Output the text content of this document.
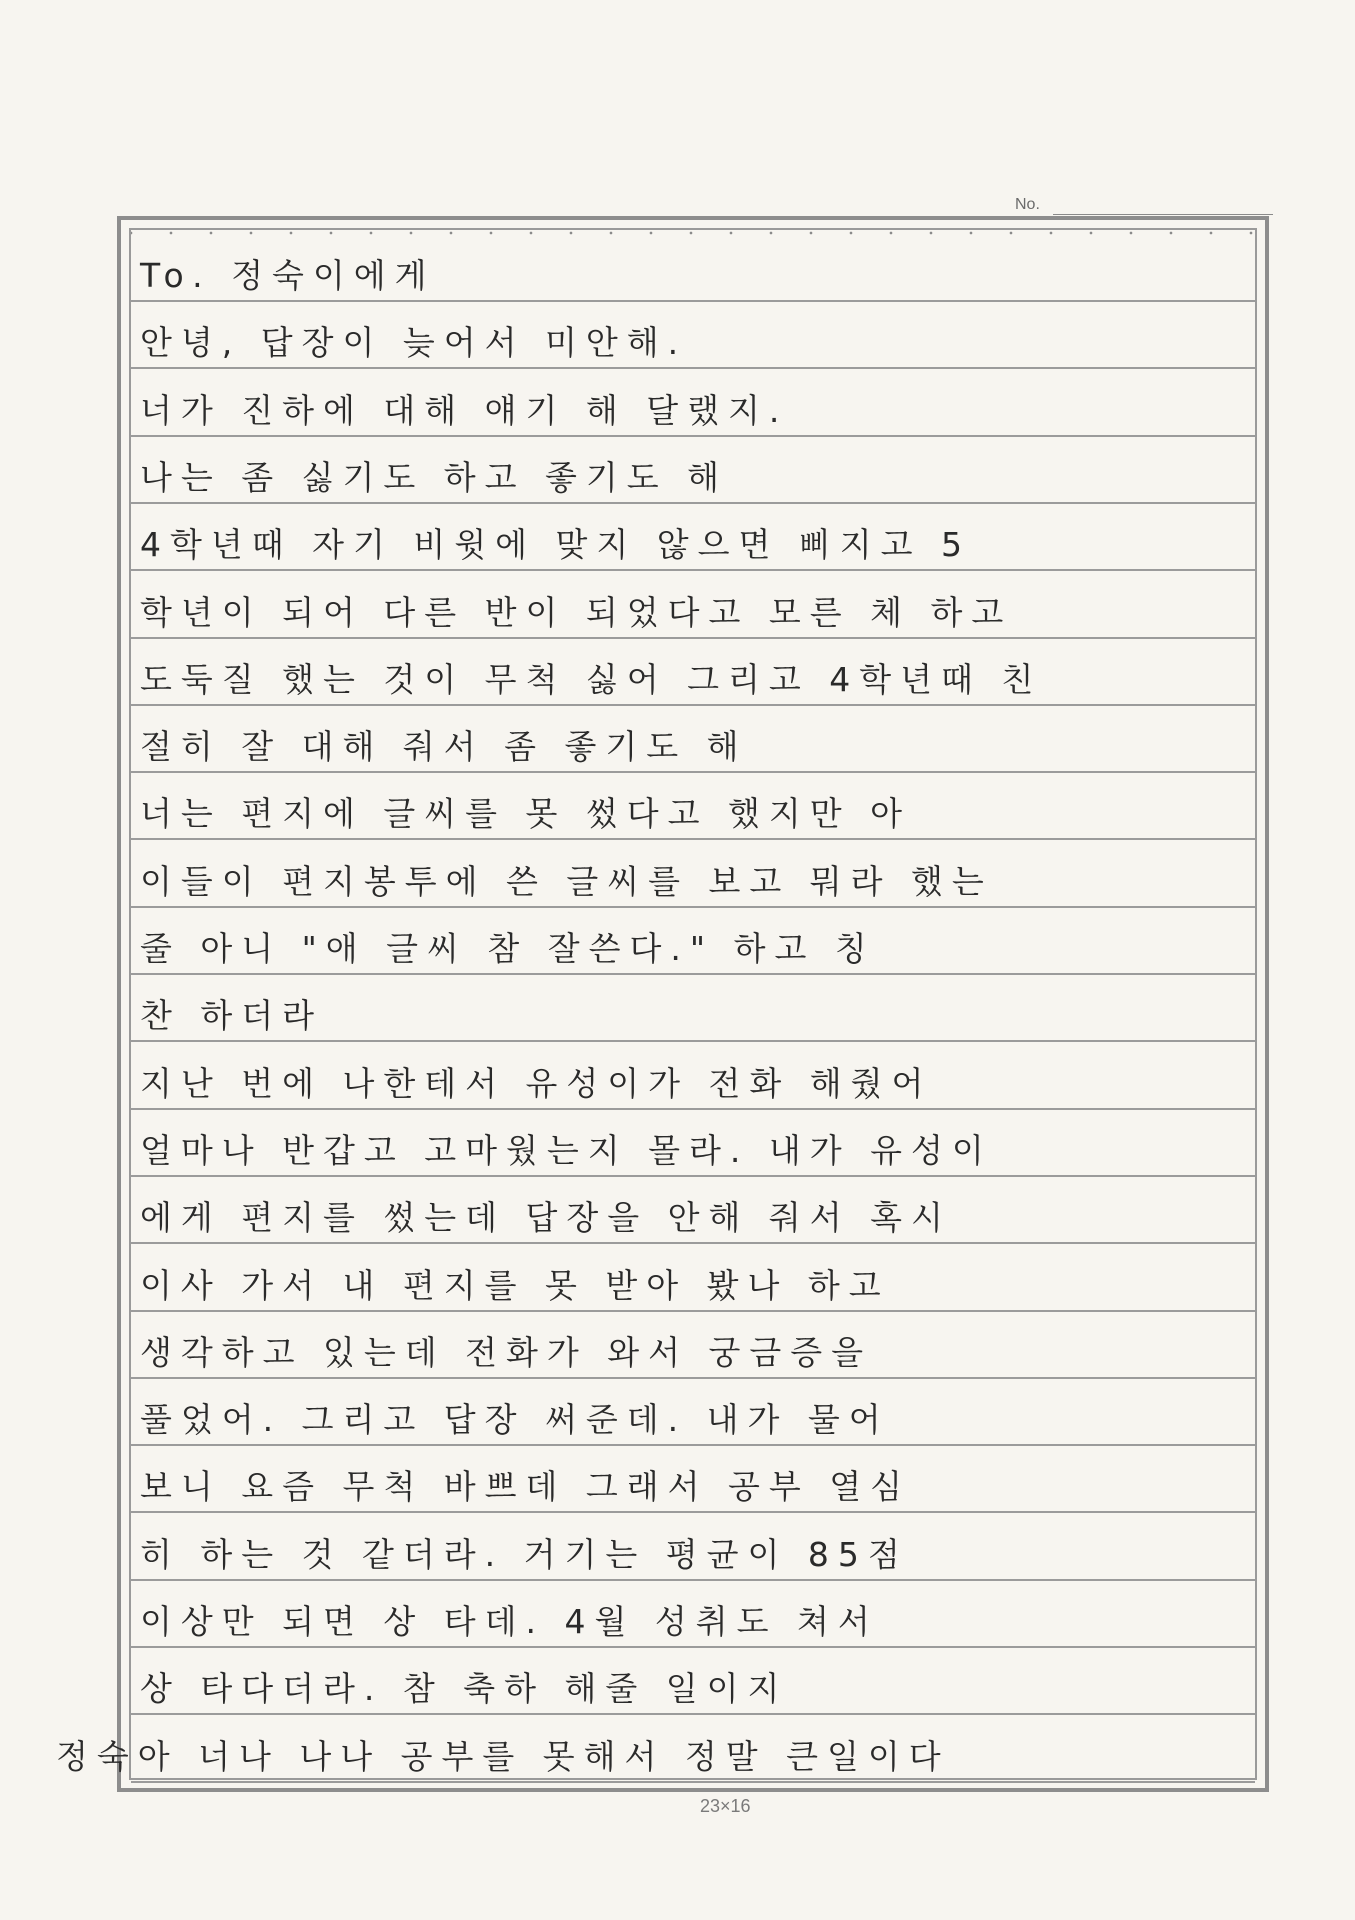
No.
To. 정숙이에게
안녕, 답장이 늦어서 미안해.
너가 진하에 대해 얘기 해 달랬지.
나는 좀 싫기도 하고 좋기도 해
4학년때 자기 비윗에 맞지 않으면 삐지고 5
학년이 되어 다른 반이 되었다고 모른 체 하고
도둑질 했는 것이 무척 싫어 그리고 4학년때 친
절히 잘 대해 줘서 좀 좋기도 해
너는 편지에 글씨를 못 썼다고 했지만 아
이들이 편지봉투에 쓴 글씨를 보고 뭐라 했는
줄 아니 "애 글씨 참 잘쓴다." 하고 칭
찬 하더라
지난 번에 나한테서 유성이가 전화 해줬어
얼마나 반갑고 고마웠는지 몰라. 내가 유성이
에게 편지를 썼는데 답장을 안해 줘서 혹시
이사 가서 내 편지를 못 받아 봤나 하고
생각하고 있는데 전화가 와서 궁금증을
풀었어. 그리고 답장 써준데. 내가 물어
보니 요즘 무척 바쁘데 그래서 공부 열심
히 하는 것 같더라. 거기는 평균이 85점
이상만 되면 상 타데. 4월 성취도 쳐서
상 타다더라. 참 축하 해줄 일이지
정숙아 너나 나나 공부를 못해서 정말 큰일이다
23×16
